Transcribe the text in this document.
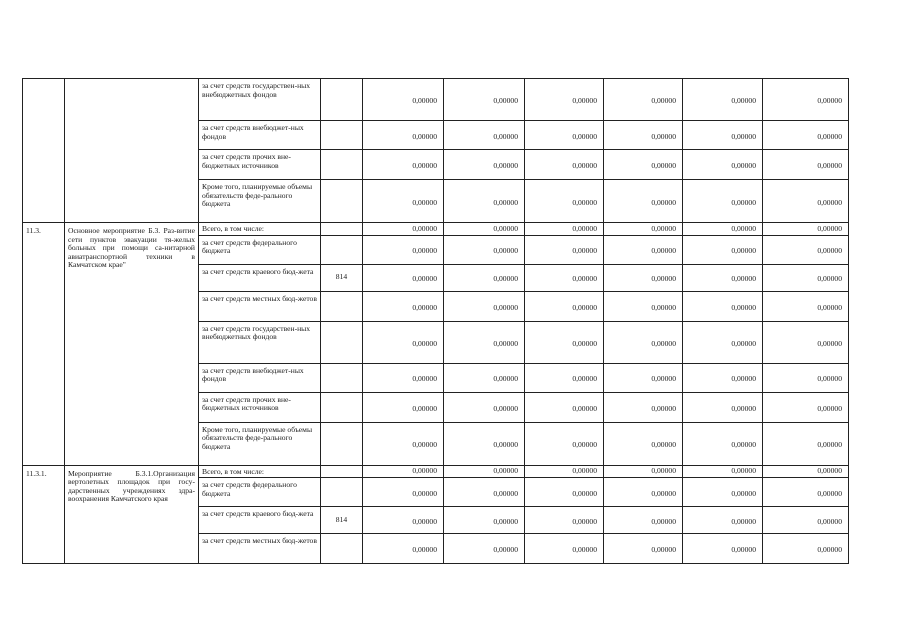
		за счет средств государствен-ных внебюджетных фондов		0,00000	0,00000	0,00000	0,00000	0,00000	0,00000
		за счет средств внебюджет-ных фондов		0,00000	0,00000	0,00000	0,00000	0,00000	0,00000
		за счет средств прочих вне-бюджетных источников		0,00000	0,00000	0,00000	0,00000	0,00000	0,00000
		Кроме того, планируемые объемы обязательств феде-рального бюджета		0,00000	0,00000	0,00000	0,00000	0,00000	0,00000
11.3.	Основное мероприятие Б.3. Раз-витие сети пунктов эвакуации тя-желых больных при помощи са-нитарной авиатранспортной техники в Камчатском крае"	Всего, в том числе:		0,00000	0,00000	0,00000	0,00000	0,00000	0,00000
		за счет средств федерального бюджета		0,00000	0,00000	0,00000	0,00000	0,00000	0,00000
		за счет средств краевого бюд-жета	814	0,00000	0,00000	0,00000	0,00000	0,00000	0,00000
		за счет средств местных бюд-жетов		0,00000	0,00000	0,00000	0,00000	0,00000	0,00000
		за счет средств государствен-ных внебюджетных фондов		0,00000	0,00000	0,00000	0,00000	0,00000	0,00000
		за счет средств внебюджет-ных фондов		0,00000	0,00000	0,00000	0,00000	0,00000	0,00000
		за счет средств прочих вне-бюджетных источников		0,00000	0,00000	0,00000	0,00000	0,00000	0,00000
		Кроме того, планируемые объемы обязательств феде-рального бюджета		0,00000	0,00000	0,00000	0,00000	0,00000	0,00000
11.3.1.	Мероприятие Б.3.1.Организация вертолетных площадок при госу-дарственных учреждениях здра-воохранения Камчатского края	Всего, в том числе:		0,00000	0,00000	0,00000	0,00000	0,00000	0,00000
		за счет средств федерального бюджета		0,00000	0,00000	0,00000	0,00000	0,00000	0,00000
		за счет средств краевого бюд-жета	814	0,00000	0,00000	0,00000	0,00000	0,00000	0,00000
		за счет средств местных бюд-жетов		0,00000	0,00000	0,00000	0,00000	0,00000	0,00000
